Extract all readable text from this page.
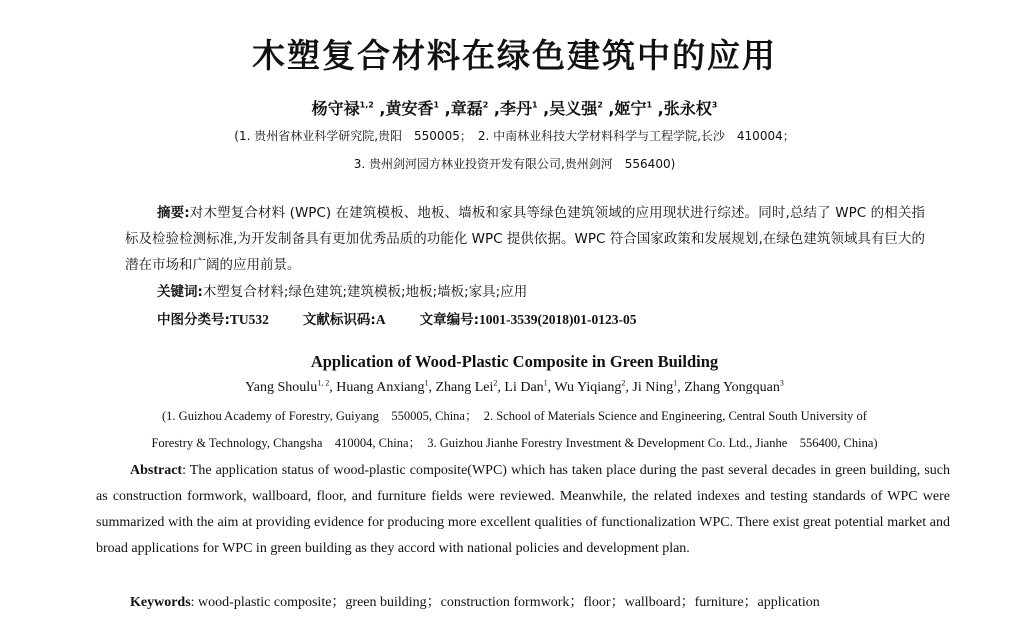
木塑复合材料在绿色建筑中的应用
杨守禄$^{1,2}$ ,黄安香$^1$ ,章磊$^2$ ,李丹$^1$ ,吴义强$^2$ ,姬宁$^1$ ,张永权$^3$
(1. 贵州省林业科学研究院,贵阳　550005；　2. 中南林业科技大学材料科学与工程学院,长沙　410004；
3. 贵州剑河园方林业投资开发有限公司,贵州剑河　556400)
摘要:对木塑复合材料 (WPC) 在建筑模板、地板、墙板和家具等绿色建筑领域的应用现状进行综述。同时,总结了 WPC 的相关指标及检验检测标准,为开发制备具有更加优秀品质的功能化 WPC 提供依据。WPC 符合国家政策和发展规划,在绿色建筑领域具有巨大的潜在市场和广阔的应用前景。
关键词:木塑复合材料;绿色建筑;建筑模板;地板;墙板;家具;应用
中图分类号:TU532	文献标识码:A	文章编号:1001-3539(2018)01-0123-05
Application of Wood-Plastic Composite in Green Building
Yang Shoulu$^{1, 2}$, Huang Anxiang$^1$, Zhang Lei$^2$, Li Dan$^1$, Wu Yiqiang$^2$, Ji Ning$^1$, Zhang Yongquan$^3$
(1. Guizhou Academy of Forestry, Guiyang　550005, China；　2. School of Materials Science and Engineering, Central South University of
Forestry & Technology, Changsha　410004, China；　3. Guizhou Jianhe Forestry Investment & Development Co. Ltd., Jianhe　556400, China)
Abstract: The application status of wood-plastic composite(WPC) which has taken place during the past several decades in green building, such as construction formwork, wallboard, floor, and furniture fields were reviewed. Meanwhile, the related indexes and testing standards of WPC were summarized with the aim at providing evidence for producing more excellent qualities of functionalization WPC. There exist great potential market and broad applications for WPC in green building as they accord with national policies and development plan.
Keywords: wood-plastic composite；green building；construction formwork；floor；wallboard；furniture；application
